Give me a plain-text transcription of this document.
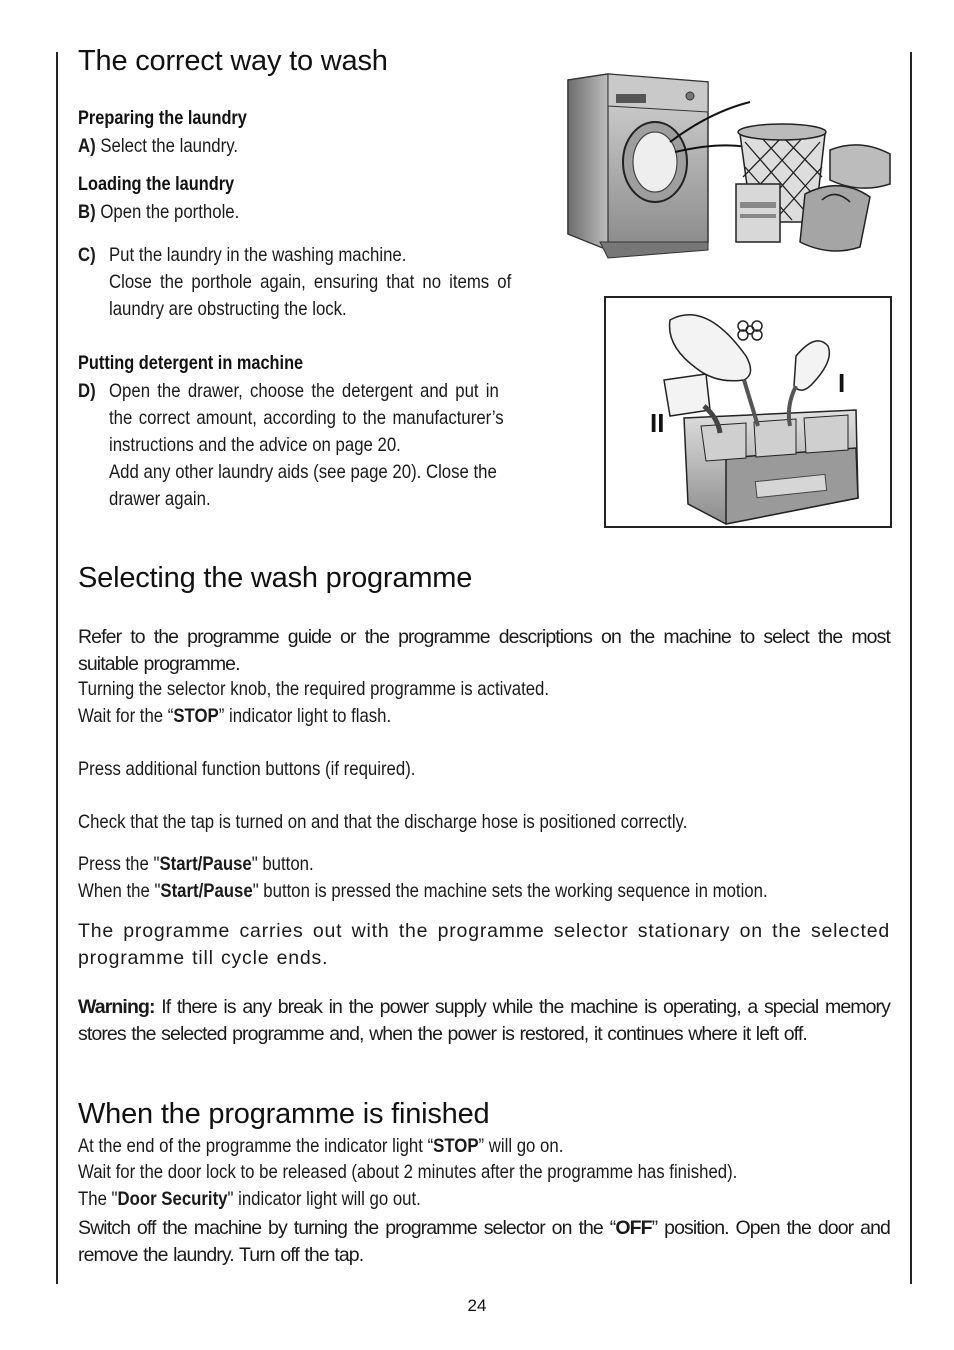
The correct way to wash
Preparing the laundry
A) Select the laundry.
Loading the laundry
B) Open the porthole.
C) Put the laundry in the washing machine.
Close the porthole again, ensuring that no items of
laundry are obstructing the lock.
Putting detergent in machine
D) Open the drawer, choose the detergent and put in
the correct amount, according to the manufacturer’s
instructions and the advice on page 20.
Add any other laundry aids (see page 20). Close the
drawer again.
I
II
Selecting the wash programme
Refer to the programme guide or the programme descriptions on the machine to select the most suitable programme.
Turning the selector knob, the required programme is activated.
Wait for the “STOP” indicator light to flash.
Press additional function buttons (if required).
Check that the tap is turned on and that the discharge hose is positioned correctly.
Press the "Start/Pause" button.
When the "Start/Pause" button is pressed the machine sets the working sequence in motion.
The programme carries out with the programme selector stationary on the selected programme till cycle ends.
Warning: If there is any break in the power supply while the machine is operating, a special memory stores the selected programme and, when the power is restored, it continues where it left off.
When the programme is finished
At the end of the programme the indicator light “STOP” will go on.
Wait for the door lock to be released (about 2 minutes after the programme has finished).
The "Door Security" indicator light will go out.
Switch off the machine by turning the programme selector on the “OFF” position. Open the door and remove the laundry. Turn off the tap.
24
